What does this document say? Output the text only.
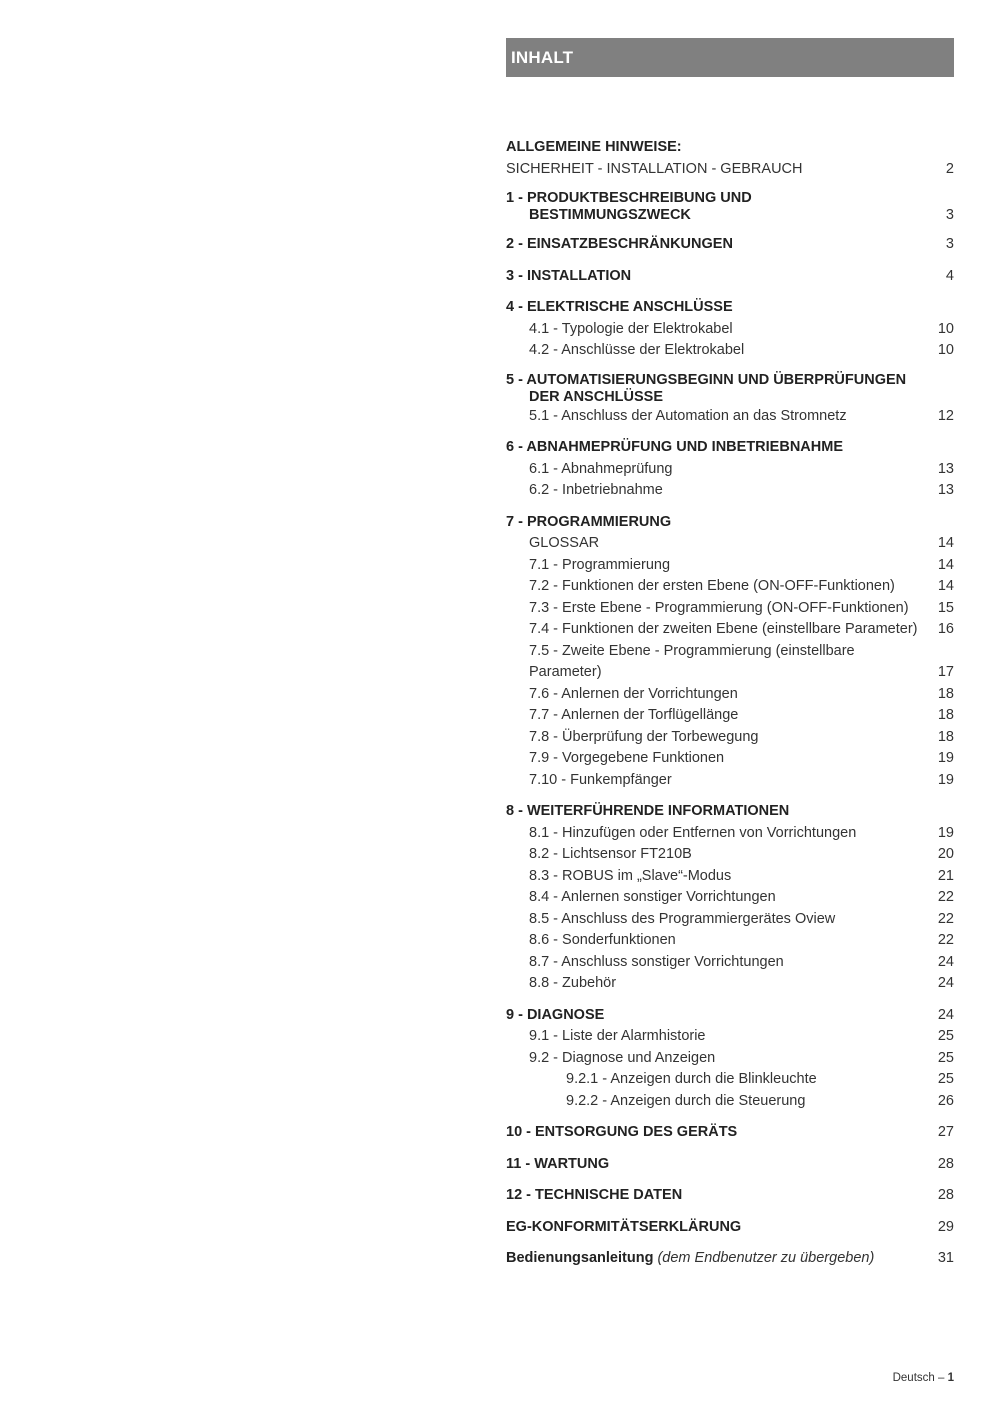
INHALT
ALLGEMEINE HINWEISE:
SICHERHEIT - INSTALLATION - GEBRAUCH	2
1 - PRODUKTBESCHREIBUNG UND
BESTIMMUNGSZWECK	3
2 - EINSATZBESCHRÄNKUNGEN	3
3 - INSTALLATION	4
4 - ELEKTRISCHE ANSCHLÜSSE
4.1 - Typologie der Elektrokabel	10
4.2 - Anschlüsse der Elektrokabel	10
5 - AUTOMATISIERUNGSBEGINN UND ÜBERPRÜFUNGEN
DER ANSCHLÜSSE
5.1 - Anschluss der Automation an das Stromnetz	12
6 - ABNAHMEPRÜFUNG UND INBETRIEBNAHME
6.1 - Abnahmeprüfung	13
6.2 - Inbetriebnahme	13
7 - PROGRAMMIERUNG
GLOSSAR	14
7.1 - Programmierung	14
7.2 - Funktionen der ersten Ebene (ON-OFF-Funktionen)	14
7.3 - Erste Ebene - Programmierung (ON-OFF-Funktionen)	15
7.4 - Funktionen der zweiten Ebene (einstellbare Parameter)	16
7.5 - Zweite Ebene - Programmierung (einstellbare Parameter)	17
7.6 - Anlernen der Vorrichtungen	18
7.7 - Anlernen der Torflügellänge	18
7.8 - Überprüfung der Torbewegung	18
7.9 - Vorgegebene Funktionen	19
7.10 - Funkempfänger	19
8 - WEITERFÜHRENDE INFORMATIONEN
8.1 - Hinzufügen oder Entfernen von Vorrichtungen	19
8.2 - Lichtsensor FT210B	20
8.3 - ROBUS im „Slave“-Modus	21
8.4 - Anlernen sonstiger Vorrichtungen	22
8.5 - Anschluss des Programmiergerätes Oview	22
8.6 - Sonderfunktionen	22
8.7 - Anschluss sonstiger Vorrichtungen	24
8.8 - Zubehör	24
9 - DIAGNOSE	24
9.1 - Liste der Alarmhistorie	25
9.2 - Diagnose und Anzeigen	25
9.2.1 - Anzeigen durch die Blinkleuchte	25
9.2.2 - Anzeigen durch die Steuerung	26
10 - ENTSORGUNG DES GERÄTS	27
11 - WARTUNG	28
12 - TECHNISCHE DATEN	28
EG-KONFORMITÄTSERKLÄRUNG	29
Bedienungsanleitung (dem Endbenutzer zu übergeben)	31
Deutsch – 1
